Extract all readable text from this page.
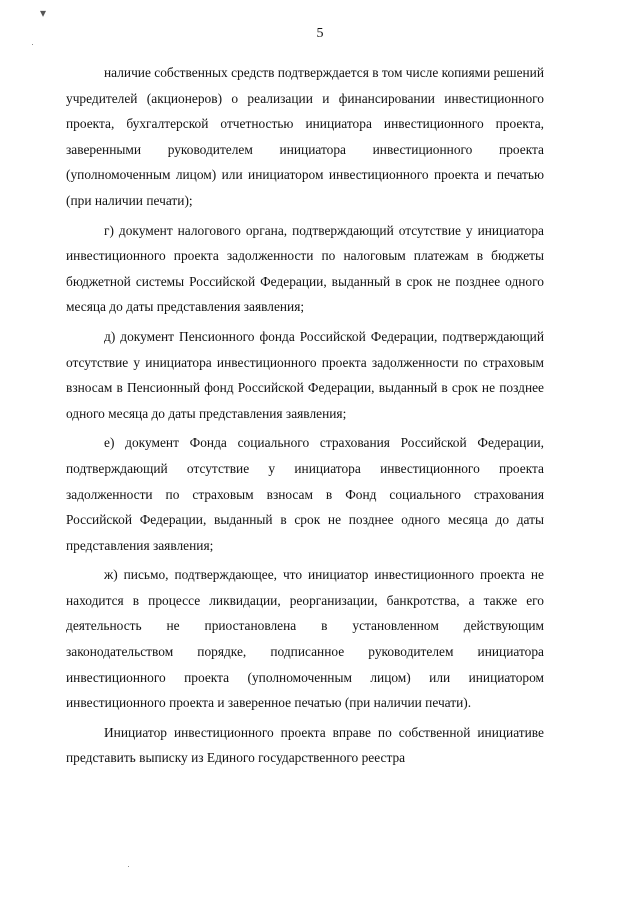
▾
5

наличие собственных средств подтверждается в том числе копиями решений учредителей (акционеров) о реализации и финансировании инвестиционного проекта, бухгалтерской отчетностью инициатора инвестиционного проекта, заверенными руководителем инициатора инвестиционного проекта (уполномоченным лицом) или инициатором инвестиционного проекта и печатью (при наличии печати);

г) документ налогового органа, подтверждающий отсутствие у инициатора инвестиционного проекта задолженности по налоговым платежам в бюджеты бюджетной системы Российской Федерации, выданный в срок не позднее одного месяца до даты представления заявления;

д) документ Пенсионного фонда Российской Федерации, подтверждающий отсутствие у инициатора инвестиционного проекта задолженности по страховым взносам в Пенсионный фонд Российской Федерации, выданный в срок не позднее одного месяца до даты представления заявления;

е) документ Фонда социального страхования Российской Федерации, подтверждающий отсутствие у инициатора инвестиционного проекта задолженности по страховым взносам в Фонд социального страхования Российской Федерации, выданный в срок не позднее одного месяца до даты представления заявления;

ж) письмо, подтверждающее, что инициатор инвестиционного проекта не находится в процессе ликвидации, реорганизации, банкротства, а также его деятельность не приостановлена в установленном действующим законодательством порядке, подписанное руководителем инициатора инвестиционного проекта (уполномоченным лицом) или инициатором инвестиционного проекта и заверенное печатью (при наличии печати).

Инициатор инвестиционного проекта вправе по собственной инициативе представить выписку из Единого государственного реестра
